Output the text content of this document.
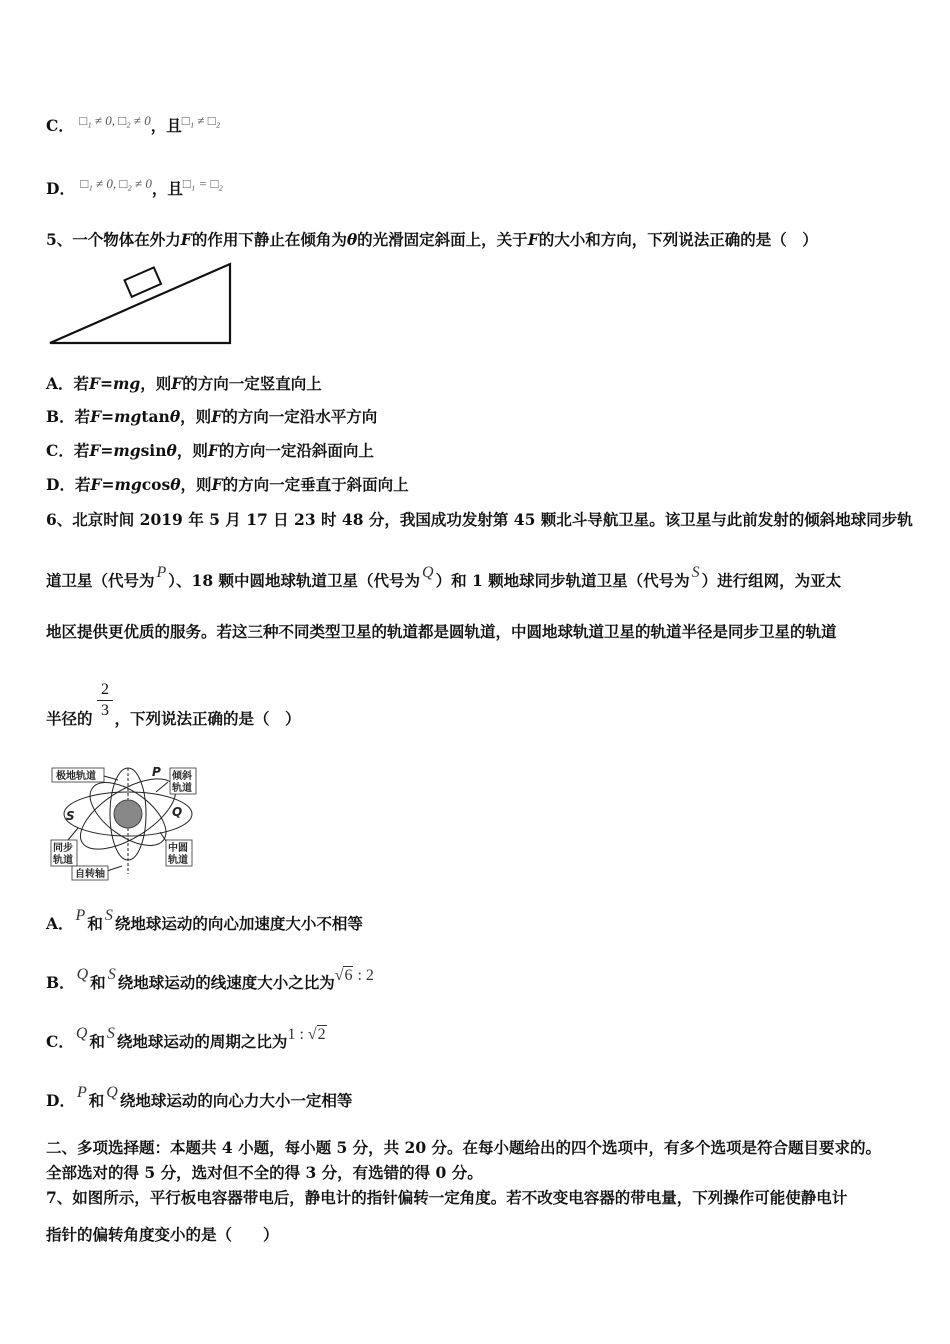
C． $^{□_1 \ne 0, □_2 \ne 0}$，且$^{□_1 \ne □_2}$
D． $^{□_1 \ne 0, □_2 \ne 0}$，且$^{□_1 = □_2}$
5、一个物体在外力F的作用下静止在倾角为θ的光滑固定斜面上，关于F的大小和方向，下列说法正确的是（　）
A．若F=mg，则F的方向一定竖直向上
B．若F=mgtanθ，则F的方向一定沿水平方向
C．若F=mgsinθ，则F的方向一定沿斜面向上
D．若F=mgcosθ，则F的方向一定垂直于斜面向上
6、北京时间 2019 年 5 月 17 日 23 时 48 分，我国成功发射第 45 颗北斗导航卫星。该卫星与此前发射的倾斜地球同步轨
道卫星（代号为 P ）、18 颗中圆地球轨道卫星（代号为 Q ）和 1 颗地球同步轨道卫星（代号为 S ）进行组网，为亚太
地区提供更优质的服务。若这三种不同类型卫星的轨道都是圆轨道，中圆地球轨道卫星的轨道半径是同步卫星的轨道
半径的 ，下列说法正确的是（　）
2
3
极地轨道	倾斜
轨道
P
Q
S
同步
轨道
中圆
轨道
自转轴
A． P 和 S 绕地球运动的向心加速度大小不相等
B． Q 和 S 绕地球运动的线速度大小之比为√6 : 2
C． Q 和 S 绕地球运动的周期之比为1 : √2
D． P 和 Q 绕地球运动的向心力大小一定相等
二、多项选择题：本题共 4 小题，每小题 5 分，共 20 分。在每小题给出的四个选项中，有多个选项是符合题目要求的。
全部选对的得 5 分，选对但不全的得 3 分，有选错的得 0 分。
7、如图所示，平行板电容器带电后，静电计的指针偏转一定角度。若不改变电容器的带电量，下列操作可能使静电计
指针的偏转角度变小的是（　　）
